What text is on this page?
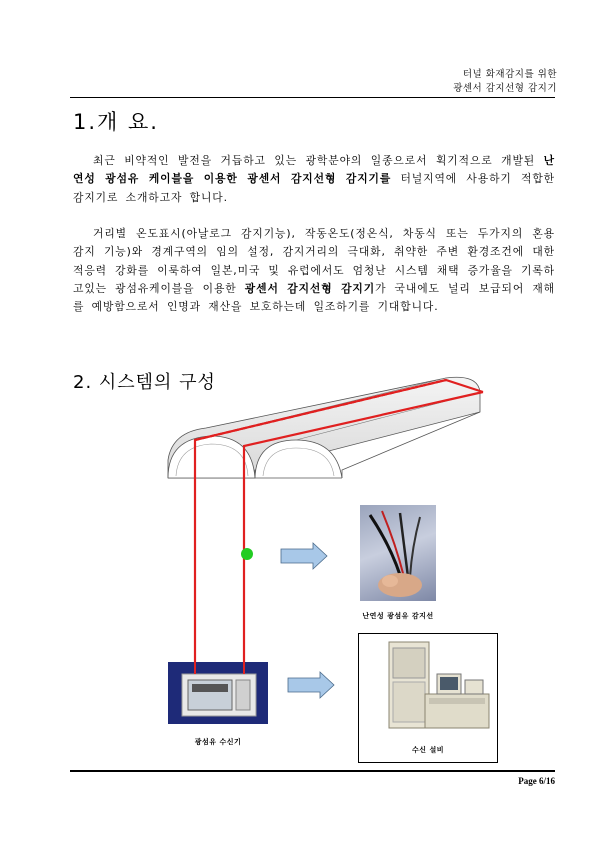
터널 화재감지를 위한
광센서 감지선형 감지기
1.개 요.
최근 비약적인 발전을 거듭하고 있는 광학분야의 일종으로서 획기적으로 개발된 난연성 광섬유 케이블을 이용한 광센서 감지선형 감지기를 터널지역에 사용하기 적합한 감지기로 소개하고자 합니다.
거리별 온도표시(아날로그 감지기능), 작동온도(정온식, 차동식 또는 두가지의 혼용 감지 기능)와 경계구역의 임의 설정, 감지거리의 극대화, 취약한 주변 환경조건에 대한 적응력 강화를 이룩하여 일본,미국 및 유럽에서도 엄청난 시스템 채택 증가율을 기록하고있는 광섬유케이블을 이용한 광센서 감지선형 감지기가 국내에도 널리 보급되어 재해를 예방함으로서 인명과 재산을 보호하는데 일조하기를 기대합니다.
2. 시스템의 구성
난연성 광섬유 감지선
광섬유 수신기
수신 설비
Page 6/16
